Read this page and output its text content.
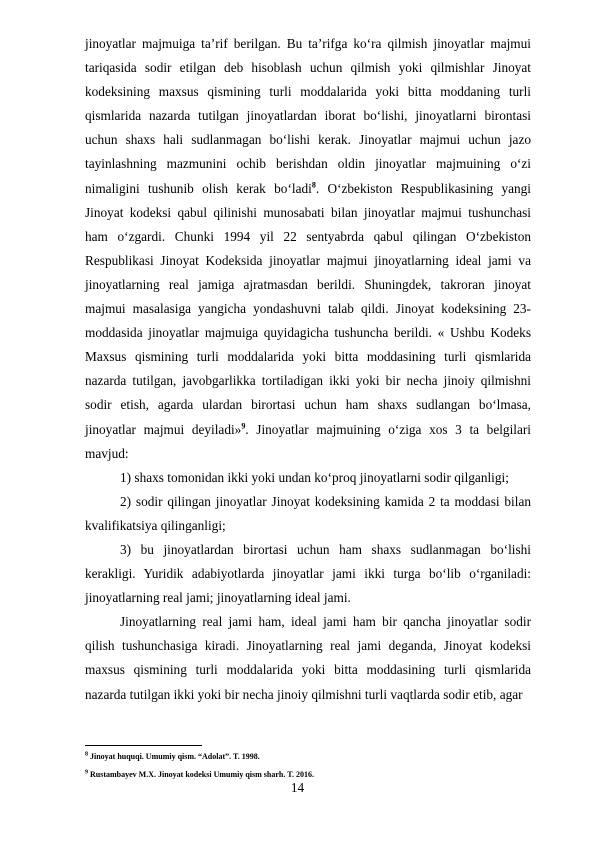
jinoyatlar majmuiga ta’rif berilgan. Bu ta’rifga ko‘ra qilmish jinoyatlar majmui tariqasida sodir etilgan deb hisoblash uchun qilmish yoki qilmishlar Jinoyat kodeksining maxsus qismining turli moddalarida yoki bitta moddaning turli qismlarida nazarda tutilgan jinoyatlardan iborat bo‘lishi, jinoyatlarni birontasi uchun shaxs hali sudlanmagan bo‘lishi kerak. Jinoyatlar majmui uchun jazo tayinlashning mazmunini ochib berishdan oldin jinoyatlar majmuining o‘zi nimaligini tushunib olish kerak bo‘ladi$^8$. O‘zbekiston Respublikasining yangi Jinoyat kodeksi qabul qilinishi munosabati bilan jinoyatlar majmui tushunchasi ham o‘zgardi. Chunki 1994 yil 22 sentyabrda qabul qilingan O‘zbekiston Respublikasi Jinoyat Kodeksida jinoyatlar majmui jinoyatlarning ideal jami va jinoyatlarning real jamiga ajratmasdan berildi. Shuningdek, takroran jinoyat majmui masalasiga yangicha yondashuvni talab qildi. Jinoyat kodeksining 23-moddasida jinoyatlar majmuiga quyidagicha tushuncha berildi. « Ushbu Kodeks Maxsus qismining turli moddalarida yoki bitta moddasining turli qismlarida nazarda tutilgan, javobgarlikka tortiladigan ikki yoki bir necha jinoiy qilmishni sodir etish, agarda ulardan birortasi uchun ham shaxs sudlangan bo‘lmasa, jinoyatlar majmui deyiladi»$^9$. Jinoyatlar majmuining o‘ziga xos 3 ta belgilari mavjud:

1) shaxs tomonidan ikki yoki undan ko‘proq jinoyatlarni sodir qilganligi;

2) sodir qilingan jinoyatlar Jinoyat kodeksining kamida 2 ta moddasi bilan kvalifikatsiya qilinganligi;

3) bu jinoyatlardan birortasi uchun ham shaxs sudlanmagan bo‘lishi kerakligi. Yuridik adabiyotlarda jinoyatlar jami ikki turga bo‘lib o‘rganiladi: jinoyatlarning real jami; jinoyatlarning ideal jami.

Jinoyatlarning real jami ham, ideal jami ham bir qancha jinoyatlar sodir qilish tushunchasiga kiradi. Jinoyatlarning real jami deganda, Jinoyat kodeksi maxsus qismining turli moddalarida yoki bitta moddasining turli qismlarida nazarda tutilgan ikki yoki bir necha jinoiy qilmishni turli vaqtlarda sodir etib, agar

$^8$ Jinoyat huquqi. Umumiy qism. “Adolat”. T. 1998.

$^9$ Rustambayev M.X. Jinoyat kodeksi Umumiy qism sharh. T. 2016.

14
